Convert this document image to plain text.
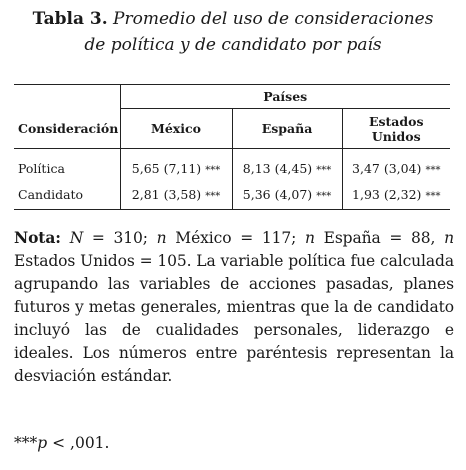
Tabla 3. Promedio del uso de consideraciones
de política y de candidato por país
	Países		
Consideración	México	España	Estados
Unidos

Política	5,65 (7,11) ***	8,13 (4,45) ***	3,47 (3,04) ***
Candidato	2,81 (3,58) ***	5,36 (4,07) ***	1,93 (2,32) ***
Nota: N = 310; n México = 117; n España = 88, n Estados Unidos = 105. La variable política fue calculada agrupando las variables de acciones pasadas, planes futuros y metas generales, mientras que la de candidato incluyó las de cualidades personales, liderazgo e ideales. Los números entre paréntesis representan la desviación estándar.
***p < ,001.
